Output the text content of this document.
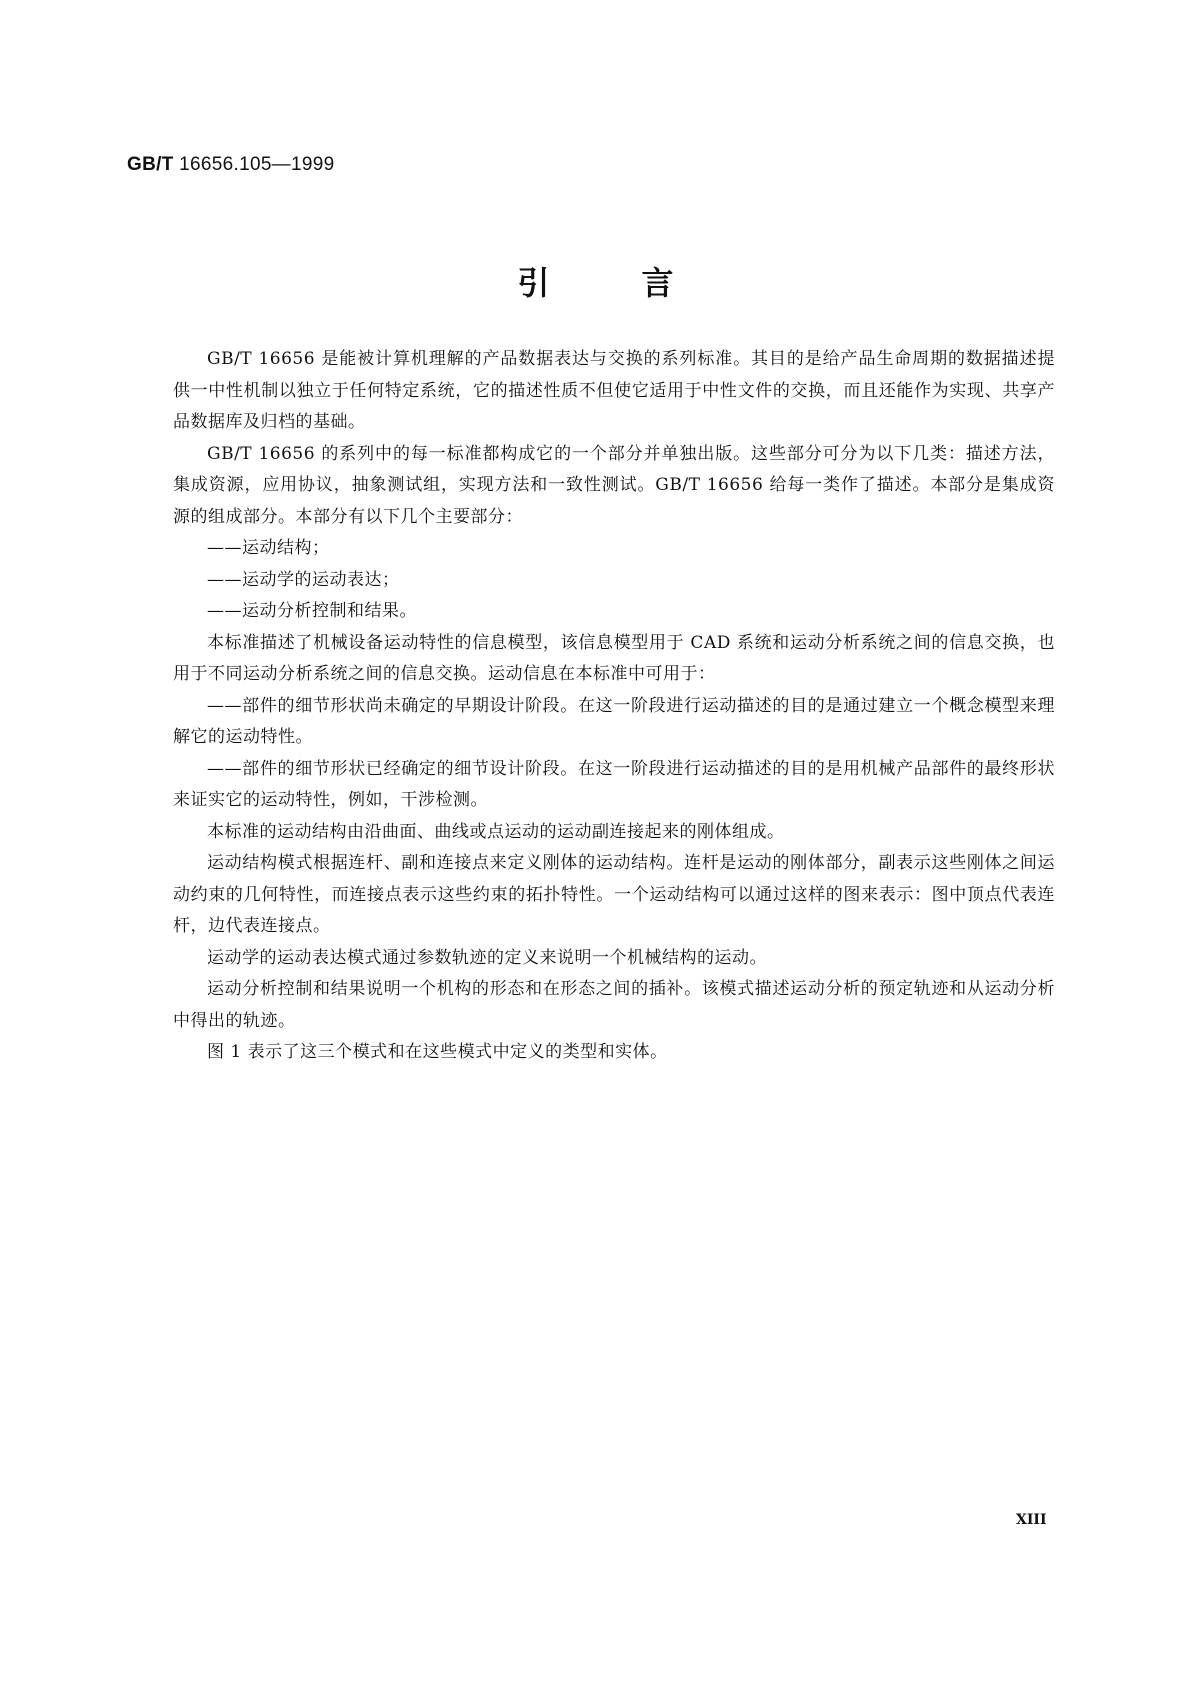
GB/T 16656.105—1999
引言

GB/T 16656 是能被计算机理解的产品数据表达与交换的系列标准。其目的是给产品生命周期的数据描述提供一中性机制以独立于任何特定系统，它的描述性质不但使它适用于中性文件的交换，而且还能作为实现、共享产品数据库及归档的基础。

GB/T 16656 的系列中的每一标准都构成它的一个部分并单独出版。这些部分可分为以下几类：描述方法，集成资源，应用协议，抽象测试组，实现方法和一致性测试。GB/T 16656 给每一类作了描述。本部分是集成资源的组成部分。本部分有以下几个主要部分：

——运动结构；

——运动学的运动表达；

——运动分析控制和结果。

本标准描述了机械设备运动特性的信息模型，该信息模型用于 CAD 系统和运动分析系统之间的信息交换，也用于不同运动分析系统之间的信息交换。运动信息在本标准中可用于：

——部件的细节形状尚未确定的早期设计阶段。在这一阶段进行运动描述的目的是通过建立一个概念模型来理解它的运动特性。

——部件的细节形状已经确定的细节设计阶段。在这一阶段进行运动描述的目的是用机械产品部件的最终形状来证实它的运动特性，例如，干涉检测。

本标准的运动结构由沿曲面、曲线或点运动的运动副连接起来的刚体组成。

运动结构模式根据连杆、副和连接点来定义刚体的运动结构。连杆是运动的刚体部分，副表示这些刚体之间运动约束的几何特性，而连接点表示这些约束的拓扑特性。一个运动结构可以通过这样的图来表示：图中顶点代表连杆，边代表连接点。

运动学的运动表达模式通过参数轨迹的定义来说明一个机械结构的运动。

运动分析控制和结果说明一个机构的形态和在形态之间的插补。该模式描述运动分析的预定轨迹和从运动分析中得出的轨迹。

图 1 表示了这三个模式和在这些模式中定义的类型和实体。

XIII
